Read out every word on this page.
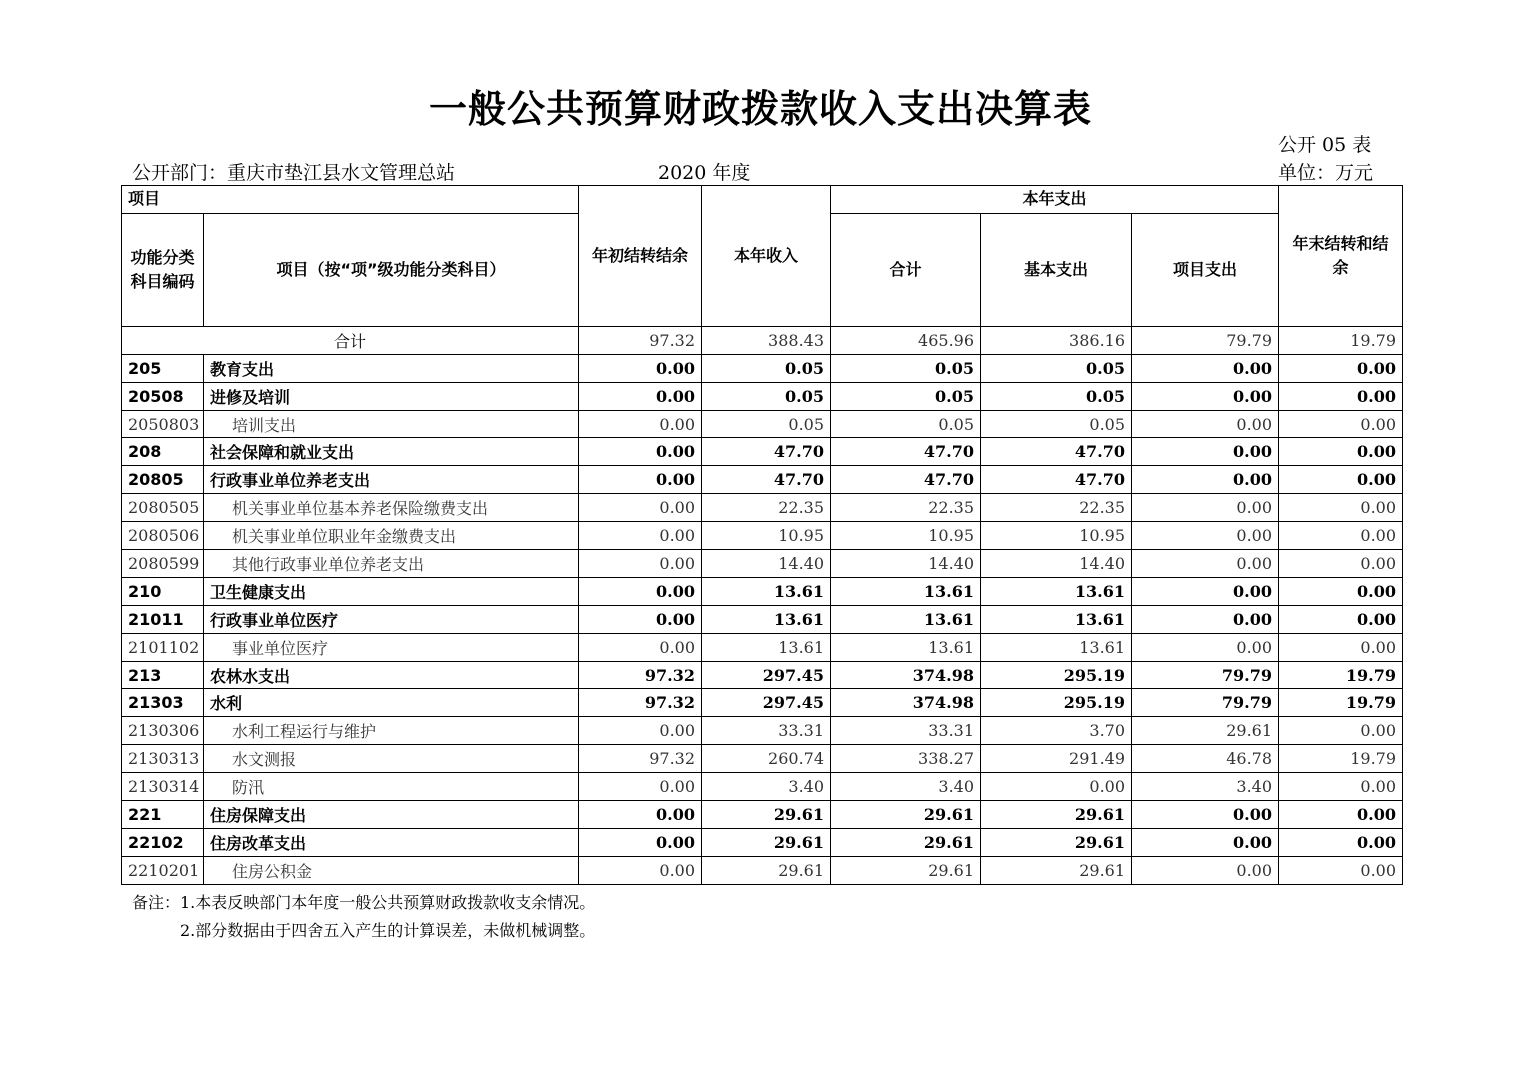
一般公共预算财政拨款收入支出决算表
公开 05 表
公开部门：重庆市垫江县水文管理总站	2020 年度	单位：万元
项目		年初结转结余	本年收入	本年支出			年末结转和结余
功能分类科目编码	项目（按“项”级功能分类科目）			合计	基本支出	项目支出	
合计		97.32	388.43	465.96	386.16	79.79	19.79
205	教育支出	0.00	0.05	0.05	0.05	0.00	0.00
20508	进修及培训	0.00	0.05	0.05	0.05	0.00	0.00
2050803	培训支出	0.00	0.05	0.05	0.05	0.00	0.00
208	社会保障和就业支出	0.00	47.70	47.70	47.70	0.00	0.00
20805	行政事业单位养老支出	0.00	47.70	47.70	47.70	0.00	0.00
2080505	机关事业单位基本养老保险缴费支出	0.00	22.35	22.35	22.35	0.00	0.00
2080506	机关事业单位职业年金缴费支出	0.00	10.95	10.95	10.95	0.00	0.00
2080599	其他行政事业单位养老支出	0.00	14.40	14.40	14.40	0.00	0.00
210	卫生健康支出	0.00	13.61	13.61	13.61	0.00	0.00
21011	行政事业单位医疗	0.00	13.61	13.61	13.61	0.00	0.00
2101102	事业单位医疗	0.00	13.61	13.61	13.61	0.00	0.00
213	农林水支出	97.32	297.45	374.98	295.19	79.79	19.79
21303	水利	97.32	297.45	374.98	295.19	79.79	19.79
2130306	水利工程运行与维护	0.00	33.31	33.31	3.70	29.61	0.00
2130313	水文测报	97.32	260.74	338.27	291.49	46.78	19.79
2130314	防汛	0.00	3.40	3.40	0.00	3.40	0.00
221	住房保障支出	0.00	29.61	29.61	29.61	0.00	0.00
22102	住房改革支出	0.00	29.61	29.61	29.61	0.00	0.00
2210201	住房公积金	0.00	29.61	29.61	29.61	0.00	0.00
备注：1.本表反映部门本年度一般公共预算财政拨款收支余情况。
2.部分数据由于四舍五入产生的计算误差，未做机械调整。
